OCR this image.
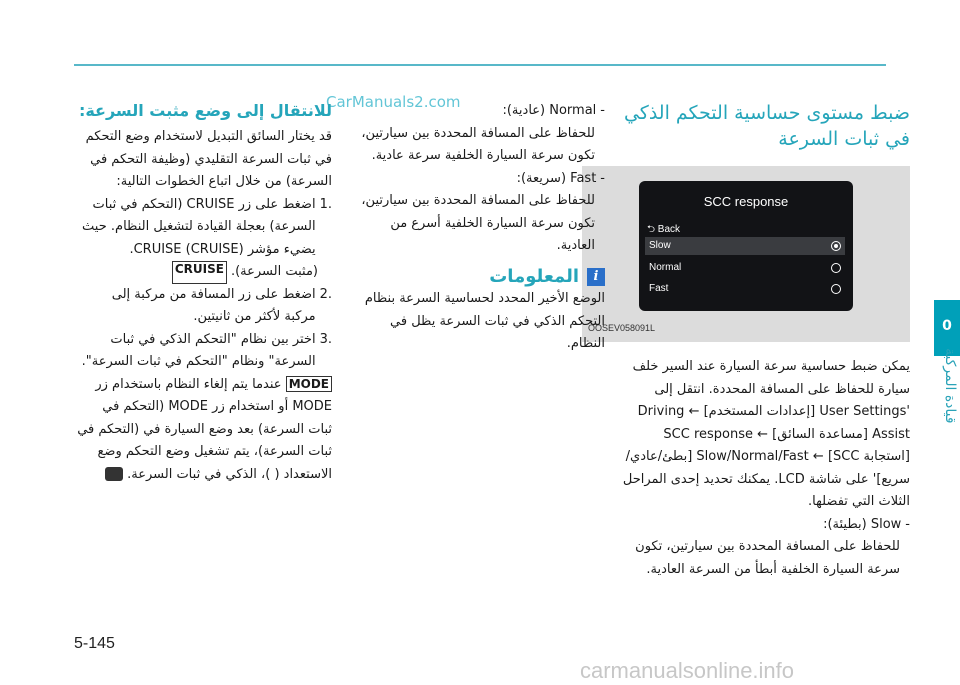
CarManuals2.com
0
قيادة المركبة
ضبط مستوى حساسية التحكم الذكي في ثبات السرعة
SCC response
⮌ Back
Slow
Normal
Fast
OOSEV058091L

يمكن ضبط حساسية سرعة السيارة عند السير خلف سيارة للحفاظ على المسافة المحددة. انتقل إلى 'User Settings [إعدادات المستخدم] ← Driving Assist [مساعدة السائق] ← SCC response [استجابة SCC] ← Slow/Normal/Fast [بطئ/عادي/سريع]' على شاشة LCD. يمكنك تحديد إحدى المراحل الثلاث التي تفضلها.

-
Slow (بطيئة):
للحفاظ على المسافة المحددة بين سيارتين، تكون سرعة السيارة الخلفية أبطأ من السرعة العادية.
-
Normal (عادية):
للحفاظ على المسافة المحددة بين سيارتين، تكون سرعة السيارة الخلفية سرعة عادية.
-
Fast (سريعة):
للحفاظ على المسافة المحددة بين سيارتين، تكون سرعة السيارة الخلفية أسرع من العادية.
i
المعلومات

الوضع الأخير المحدد لحساسية السرعة بنظام التحكم الذكي في ثبات السرعة يظل في النظام.

للانتقال إلى وضع مثبت السرعة:

قد يختار السائق التبديل لاستخدام وضع التحكم في ثبات السرعة التقليدي (وظيفة التحكم في السرعة) من خلال اتباع الخطوات التالية:

1.
اضغط على زر CRUISE (التحكم في ثبات السرعة) بعجلة القيادة لتشغيل النظام. حيث يضيء مؤشر CRUISE (CRUISE).
(مثبت السرعة).
CRUISE
2.
اضغط على زر المسافة من مركبة إلى مركبة لأكثر من ثانيتين.
3.
اختر بين نظام "التحكم الذكي في ثبات السرعة" ونظام "التحكم في ثبات السرعة".

MODE عندما يتم إلغاء النظام باستخدام زر MODE أو استخدام زر MODE (التحكم في ثبات السرعة) بعد وضع السيارة في (التحكم في ثبات السرعة)، يتم تشغيل وضع التحكم وضع الاستعداد ( )، الذكي في ثبات السرعة.

5-145
carmanualsonline.info
